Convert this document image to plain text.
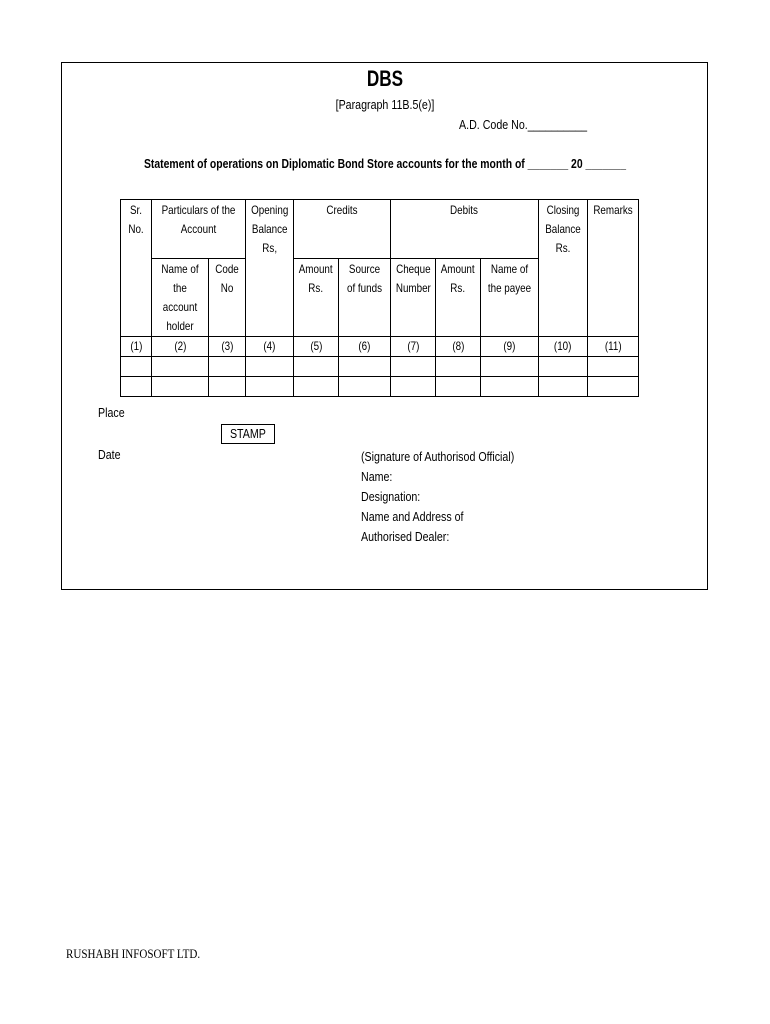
DBS
[Paragraph 11B.5(e)]
A.D. Code No.__________
Statement of operations on Diplomatic Bond Store accounts for the month of _______ 20 _______
Sr. No.	Particulars of the Account		Opening Balance Rs,	Credits		Debits			Closing Balance Rs.	Remarks
	Name of the account holder	Code No		Amount Rs.	Source of funds	Cheque Number	Amount Rs.	Name of the payee		
(1)	(2)	(3)	(4)	(5)	(6)	(7)	(8)	(9)	(10)	(11)

Place
STAMP
Date	(Signature of Authorisod Official)
Name:
Designation:
Name and Address of
Authorised Dealer:
RUSHABH INFOSOFT LTD.
